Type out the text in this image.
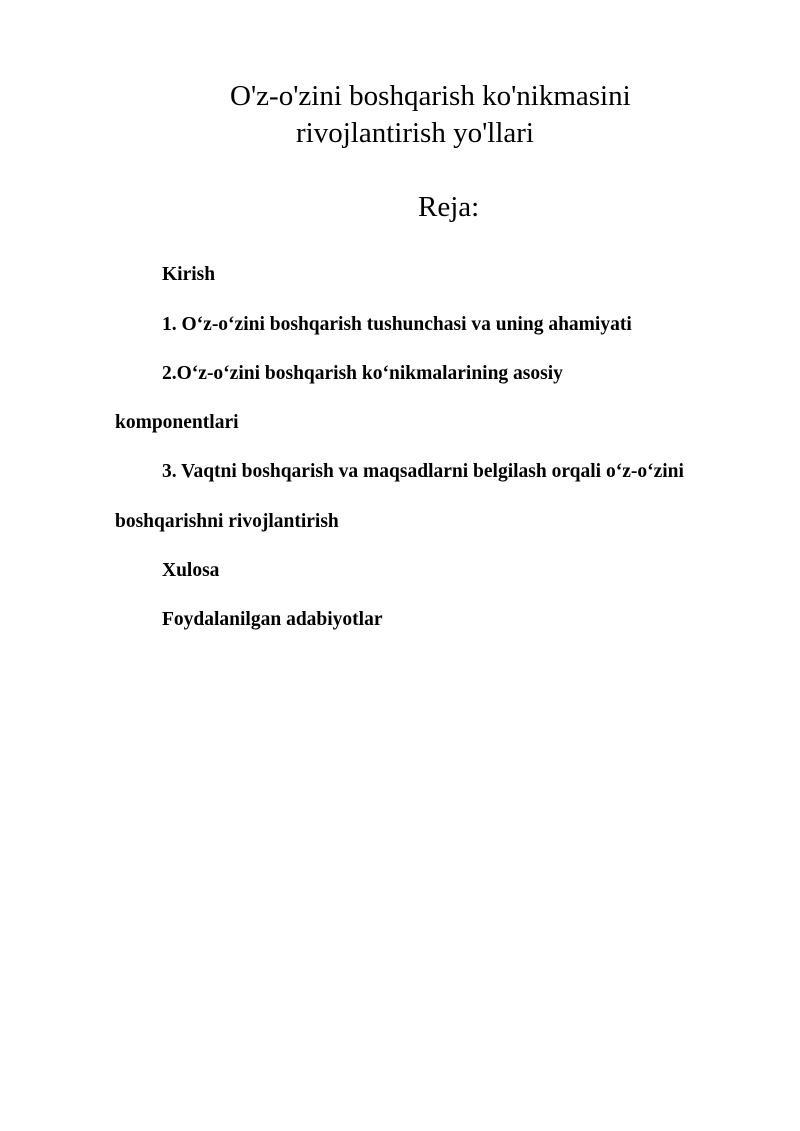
O'z-o'zini boshqarish ko'nikmasini
rivojlantirish yo'llari
Reja:
Kirish
1. O‘z-o‘zini boshqarish tushunchasi va uning ahamiyati
2.O‘z-o‘zini boshqarish ko‘nikmalarining asosiy
komponentlari
3. Vaqtni boshqarish va maqsadlarni belgilash orqali o‘z-o‘zini
boshqarishni rivojlantirish
Xulosa
Foydalanilgan adabiyotlar
